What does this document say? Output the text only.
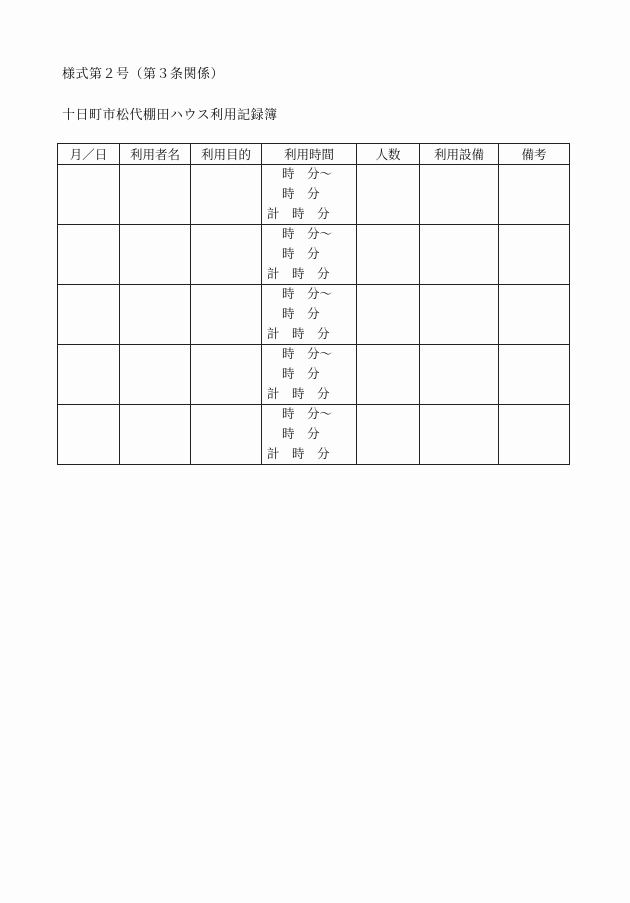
様式第２号（第３条関係）
十日町市松代棚田ハウス利用記録簿
月／日	利用者名	利用目的	利用時間	人数	利用設備	備考

			時　分～
時　分
計　時　分			

			時　分～
時　分
計　時　分			

			時　分～
時　分
計　時　分			

			時　分～
時　分
計　時　分			

			時　分～
時　分
計　時　分			
